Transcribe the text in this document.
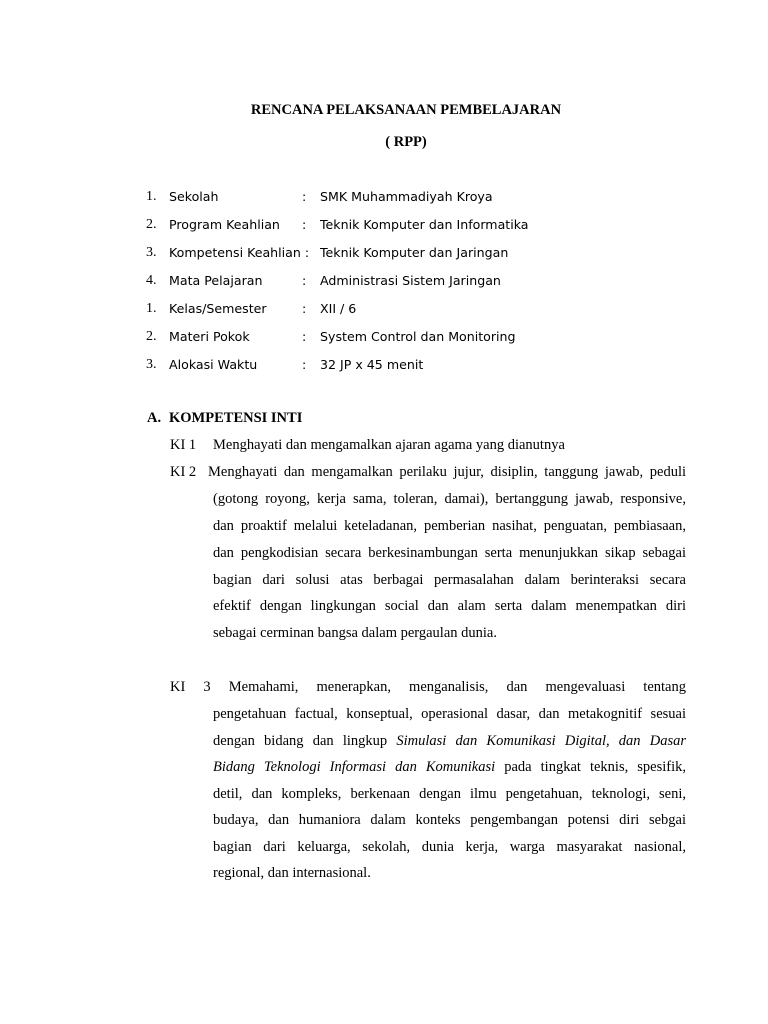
RENCANA PELAKSANAAN PEMBELAJARAN
( RPP)
1. Sekolah	: SMK Muhammadiyah Kroya
2. Program Keahlian : Teknik Komputer dan Informatika
3. Kompetensi Keahlian : Teknik Komputer dan Jaringan
4. Mata Pelajaran	: Administrasi Sistem Jaringan
1. Kelas/Semester	: XII / 6
2. Materi Pokok	: System Control dan Monitoring
3. Alokasi Waktu	: 32 JP x 45 menit
A. KOMPETENSI INTI
KI 1 Menghayati dan mengamalkan ajaran agama yang dianutnya
KI 2 Menghayati dan mengamalkan perilaku jujur, disiplin, tanggung jawab, peduli
(gotong royong, kerja sama, toleran, damai), bertanggung jawab, responsive,
dan proaktif melalui keteladanan, pemberian nasihat, penguatan, pembiasaan,
dan pengkodisian secara berkesinambungan serta menunjukkan sikap sebagai
bagian dari solusi atas berbagai permasalahan dalam berinteraksi secara
efektif dengan lingkungan social dan alam serta dalam menempatkan diri
sebagai cerminan bangsa dalam pergaulan dunia.
KI 3 Memahami, menerapkan, menganalisis, dan mengevaluasi tentang
pengetahuan factual, konseptual, operasional dasar, dan metakognitif sesuai
dengan bidang dan lingkup Simulasi dan Komunikasi Digital, dan Dasar
Bidang Teknologi Informasi dan Komunikasi pada tingkat teknis, spesifik,
detil, dan kompleks, berkenaan dengan ilmu pengetahuan, teknologi, seni,
budaya, dan humaniora dalam konteks pengembangan potensi diri sebgai
bagian dari keluarga, sekolah, dunia kerja, warga masyarakat nasional,
regional, dan internasional.
